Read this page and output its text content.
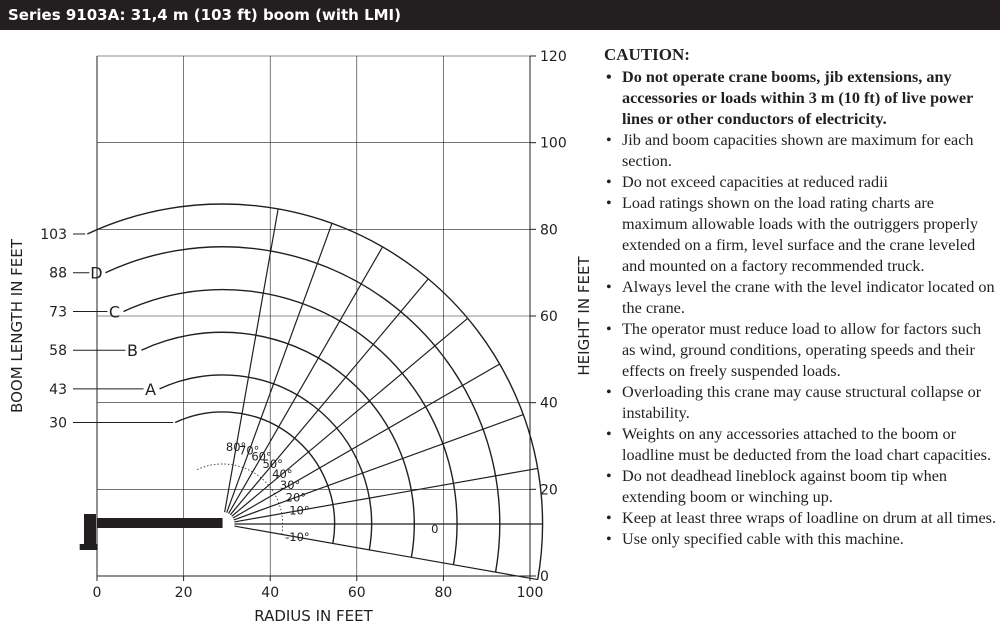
Series 9103A: 31,4 m (103 ft) boom (with LMI)
0	20	40	60	80	100
0
20
40
60
80
100
120
RADIUS IN FEET
HEIGHT IN FEET
BOOM LENGTH IN FEET
80°
70°
60°
50°
40°
30°
20°
10°
0
-10°
30
43	A
58	B
73	C
88 D
103
CAUTION:
• Do not operate crane booms, jib extensions, any accessories or loads within 3 m (10 ft) of live power lines or other conductors of electricity.
• Jib and boom capacities shown are maximum for each section.
• Do not exceed capacities at reduced radii
• Load ratings shown on the load rating charts are maximum allowable loads with the outriggers properly extended on a firm, level surface and the crane leveled and mounted on a factory recommended truck.
• Always level the crane with the level indicator located on the crane.
• The operator must reduce load to allow for factors such as wind, ground conditions, operating speeds and their effects on freely suspended loads.
• Overloading this crane may cause structural collapse or instability.
• Weights on any accessories attached to the boom or loadline must be deducted from the load chart capacities.
• Do not deadhead lineblock against boom tip when extending boom or winching up.
• Keep at least three wraps of loadline on drum at all times.
• Use only specified cable with this machine.
